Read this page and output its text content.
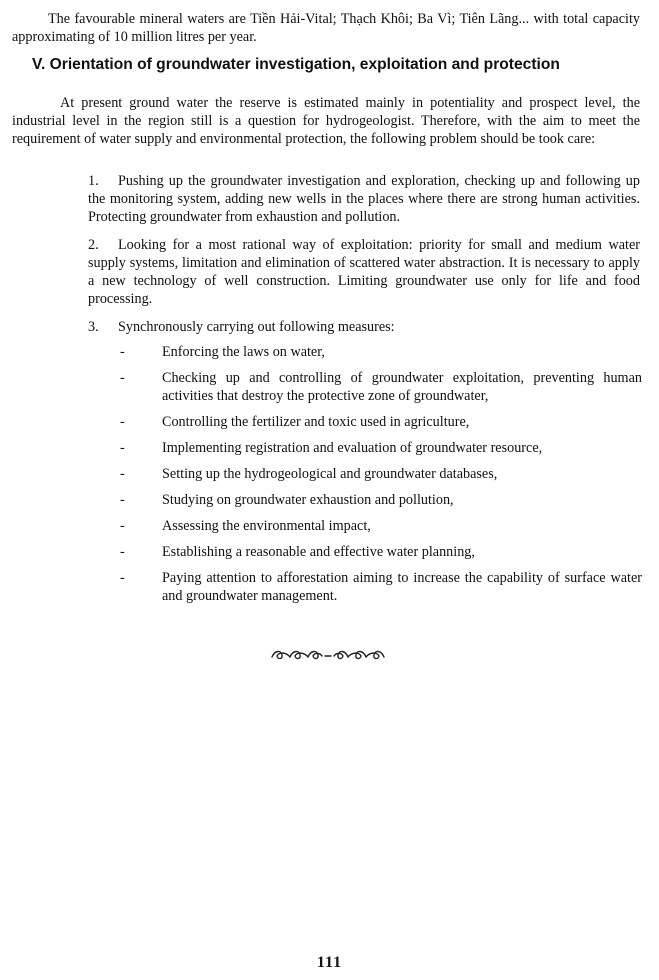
The favourable mineral waters are Tiền Hải-Vital; Thạch Khôi; Ba Vì; Tiên Lãng... with total capacity approximating of 10 million litres per year.

V. Orientation of groundwater investigation, exploitation and protection

At present ground water the reserve is estimated mainly in potentiality and prospect level, the industrial level in the region still is a question for hydrogeologist. Therefore, with the aim to meet the requirement of water supply and environmental protection, the following problem should be took care:

1. Pushing up the groundwater investigation and exploration, checking up and following up the monitoring system, adding new wells in the places where there are strong human activities. Protecting groundwater from exhaustion and pollution.

2. Looking for a most rational way of exploitation: priority for small and medium water supply systems, limitation and elimination of scattered water abstraction. It is necessary to apply a new technology of well construction. Limiting groundwater use only for life and food processing.

3. Synchronously carrying out following measures:

-	Enforcing the laws on water,
-	Checking up and controlling of groundwater exploitation, preventing human activities that destroy the protective zone of groundwater,
-	Controlling the fertilizer and toxic used in agriculture,
-	Implementing registration and evaluation of groundwater resource,
-	Setting up the hydrogeological and groundwater databases,
-	Studying on groundwater exhaustion and pollution,
-	Assessing the environmental impact,
-	Establishing a reasonable and effective water planning,
-	Paying attention to afforestation aiming to increase the capability of surface water and groundwater management.

111
